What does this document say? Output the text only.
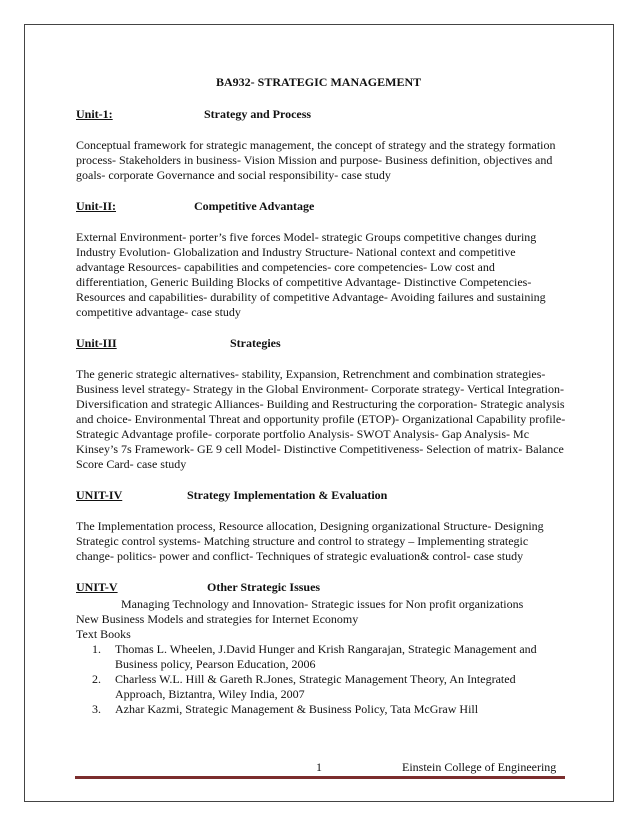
BA932- STRATEGIC MANAGEMENT
Unit-1:	Strategy and Process
Conceptual framework for strategic management, the concept of strategy and the strategy formation process- Stakeholders in business- Vision Mission and purpose- Business definition, objectives and goals- corporate Governance and social responsibility- case study
Unit-II:	Competitive Advantage
External Environment- porter’s five forces Model- strategic Groups competitive changes during Industry Evolution- Globalization and Industry Structure- National context and competitive advantage Resources- capabilities and competencies- core competencies- Low cost and differentiation, Generic Building Blocks of competitive Advantage- Distinctive Competencies- Resources and capabilities- durability of competitive Advantage- Avoiding failures and sustaining competitive advantage- case study
Unit-III	Strategies
The generic strategic alternatives- stability, Expansion, Retrenchment and combination strategies- Business level strategy- Strategy in the Global Environment- Corporate strategy- Vertical Integration- Diversification and strategic Alliances- Building and Restructuring the corporation- Strategic analysis and choice- Environmental Threat and opportunity profile (ETOP)- Organizational Capability profile- Strategic Advantage profile- corporate portfolio Analysis- SWOT Analysis- Gap Analysis- Mc Kinsey’s 7s Framework- GE 9 cell Model- Distinctive Competitiveness- Selection of matrix- Balance Score Card- case study
UNIT-IV	Strategy Implementation & Evaluation
The Implementation process, Resource allocation, Designing organizational Structure- Designing Strategic control systems- Matching structure and control to strategy – Implementing strategic change- politics- power and conflict- Techniques of strategic evaluation& control- case study
UNIT-V	Other Strategic Issues
Managing Technology and Innovation- Strategic issues for Non profit organizations
New Business Models and strategies for Internet Economy
Text Books
1. Thomas L. Wheelen, J.David Hunger and Krish Rangarajan, Strategic Management and Business policy, Pearson Education, 2006
2. Charless W.L. Hill & Gareth R.Jones, Strategic Management Theory, An Integrated Approach, Biztantra, Wiley India, 2007
3. Azhar Kazmi, Strategic Management & Business Policy, Tata McGraw Hill
1	Einstein College of Engineering
